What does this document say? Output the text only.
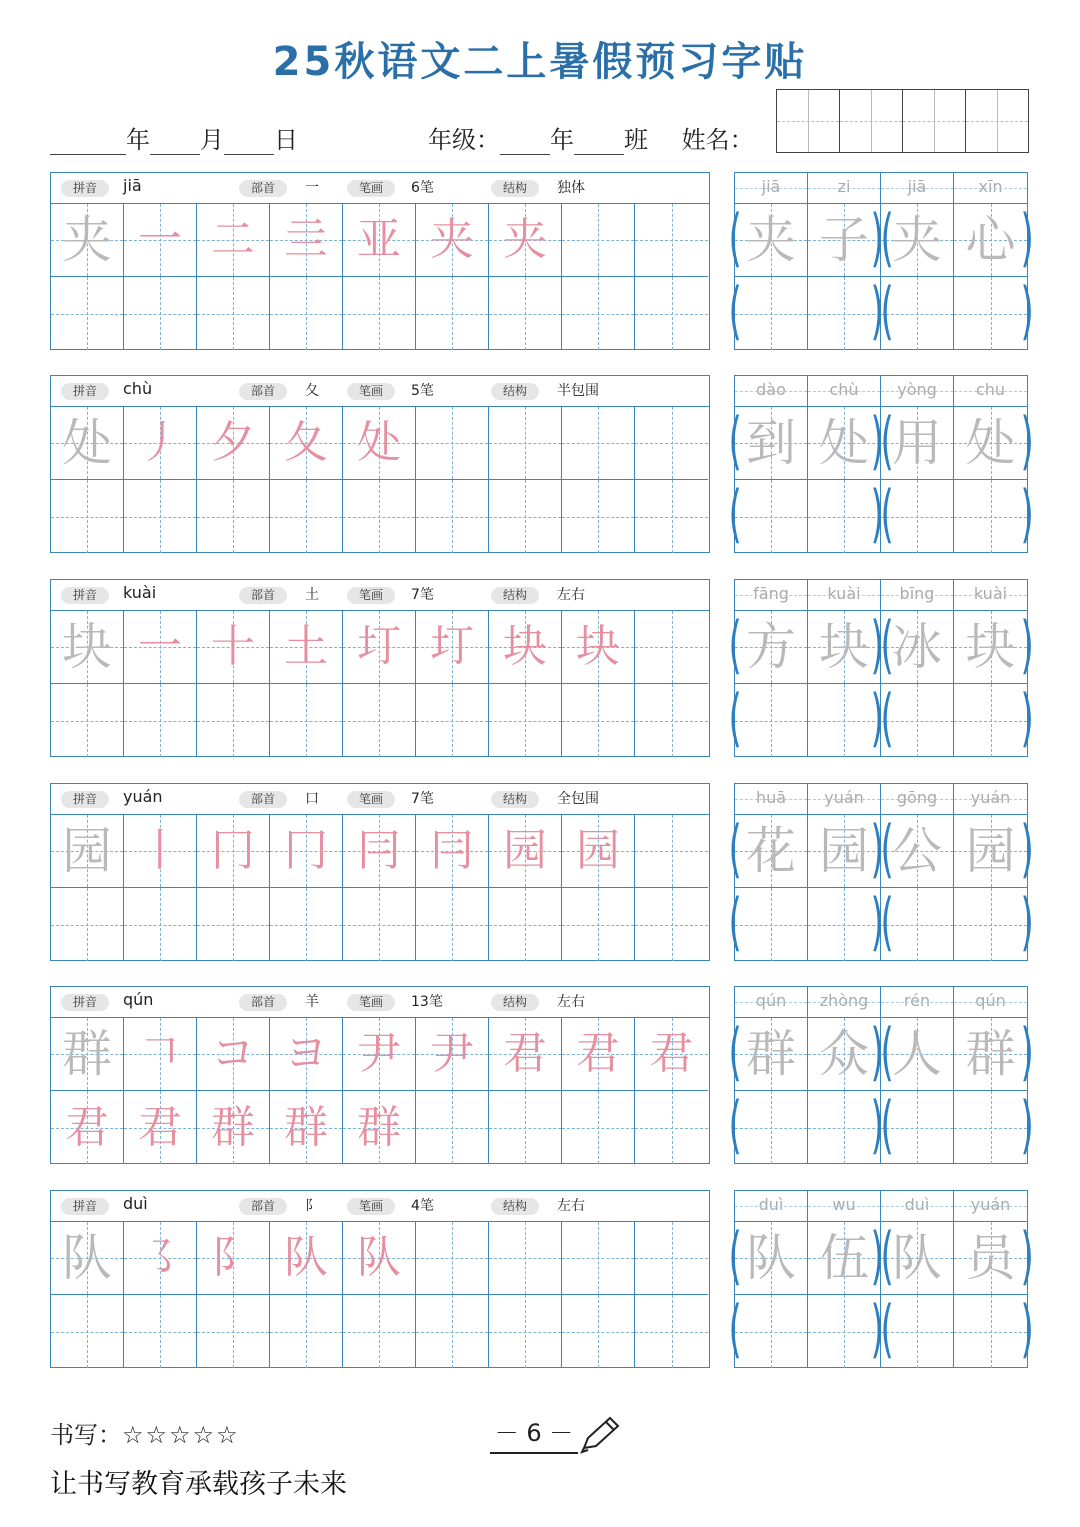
25秋语文二上暑假预习字贴
年 月 日	年级： 年 班 姓名：
拼音	jiā	部首	一	笔画	6笔	结构	独体
夹 一 二 亖 亚 夹 夹
jiā	zi	jiā	xīn
夹 子 夹 心
( )
( )
( )
( )
拼音	chù	部首	夂	笔画	5笔	结构	半包围
处 丿 夕 夂 处
dào	chù	yòng	chu
到 处 用 处
( )
( )
( )
( )
拼音	kuài	部首	土	笔画	7笔	结构	左右
块 一 十 土 圢 圢 块 块
fāng	kuài	bīng	kuài
方 块 冰 块
( )
( )
( )
( )
拼音	yuán	部首	口	笔画	7笔	结构	全包围
园 丨 冂 冂 冃 冃 园 园
huā	yuán	gōng	yuán
花 园 公 园
( )
( )
( )
( )
拼音	qún	部首	羊	笔画	13笔	结构	左右
群 𠃍 コ ヨ 尹 尹 君 君 君
君 君 群 群 群
qún	zhòng	rén	qún
群 众 人 群
( )
( )
( )
( )
拼音	duì	部首	阝	笔画	4笔	结构	左右
队 ㇌ 阝 队 队
duì	wu	duì	yuán
队 伍 队 员
( )
( )
( )
( )
书写：☆☆☆☆☆	－ 6 －
让书写教育承载孩子未来
